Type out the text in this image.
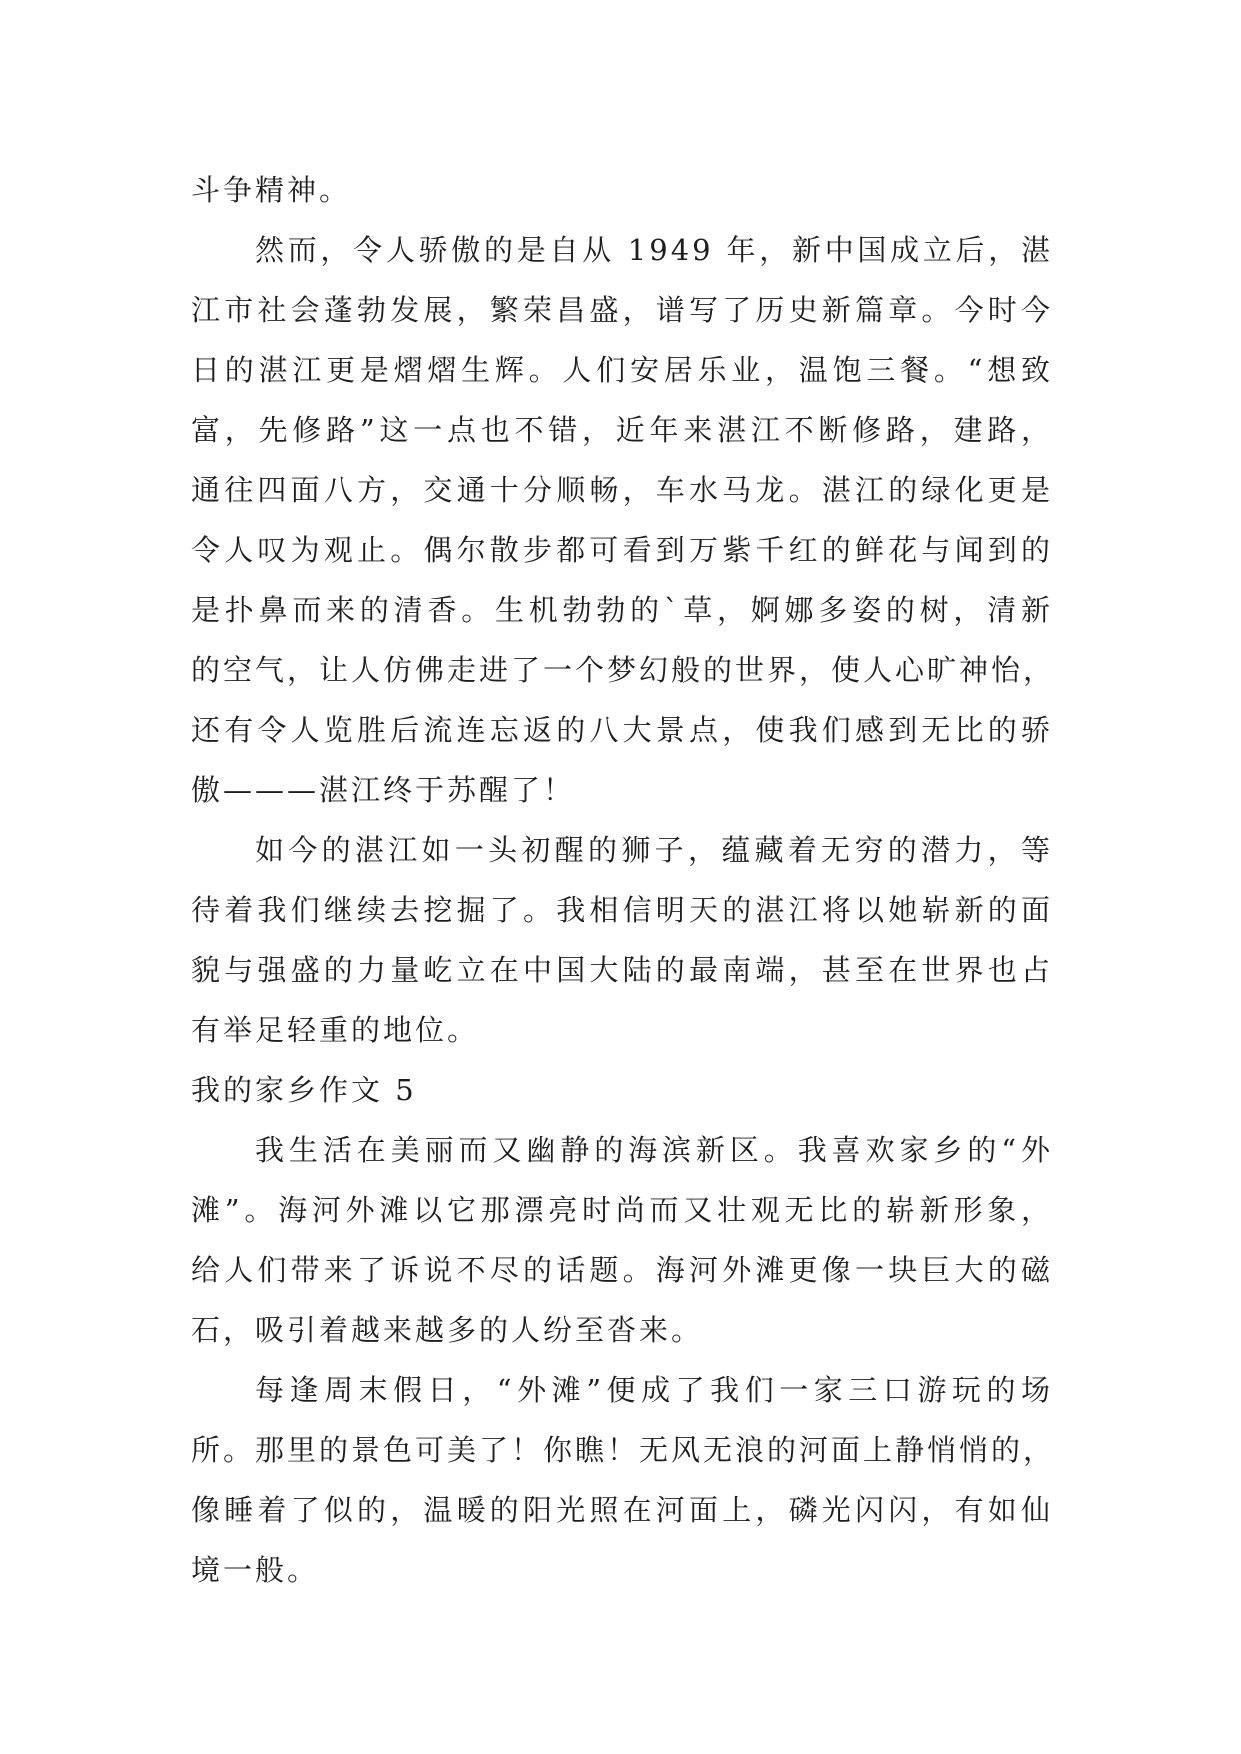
斗争精神。
然而，令人骄傲的是自从 1949 年，新中国成立后，湛
江市社会蓬勃发展，繁荣昌盛，谱写了历史新篇章。今时今
日的湛江更是熠熠生辉。人们安居乐业，温饱三餐。“想致
富，先修路”这一点也不错，近年来湛江不断修路，建路，
通往四面八方，交通十分顺畅，车水马龙。湛江的绿化更是
令人叹为观止。偶尔散步都可看到万紫千红的鲜花与闻到的
是扑鼻而来的清香。生机勃勃的`草，婀娜多姿的树，清新
的空气，让人仿佛走进了一个梦幻般的世界，使人心旷神怡，
还有令人览胜后流连忘返的八大景点，使我们感到无比的骄
傲———湛江终于苏醒了！
如今的湛江如一头初醒的狮子，蕴藏着无穷的潜力，等
待着我们继续去挖掘了。我相信明天的湛江将以她崭新的面
貌与强盛的力量屹立在中国大陆的最南端，甚至在世界也占
有举足轻重的地位。
我的家乡作文 5
我生活在美丽而又幽静的海滨新区。我喜欢家乡的“外
滩”。海河外滩以它那漂亮时尚而又壮观无比的崭新形象，
给人们带来了诉说不尽的话题。海河外滩更像一块巨大的磁
石，吸引着越来越多的人纷至沓来。
每逢周末假日，“外滩”便成了我们一家三口游玩的场
所。那里的景色可美了！你瞧！无风无浪的河面上静悄悄的，
像睡着了似的，温暖的阳光照在河面上，磷光闪闪，有如仙
境一般。
